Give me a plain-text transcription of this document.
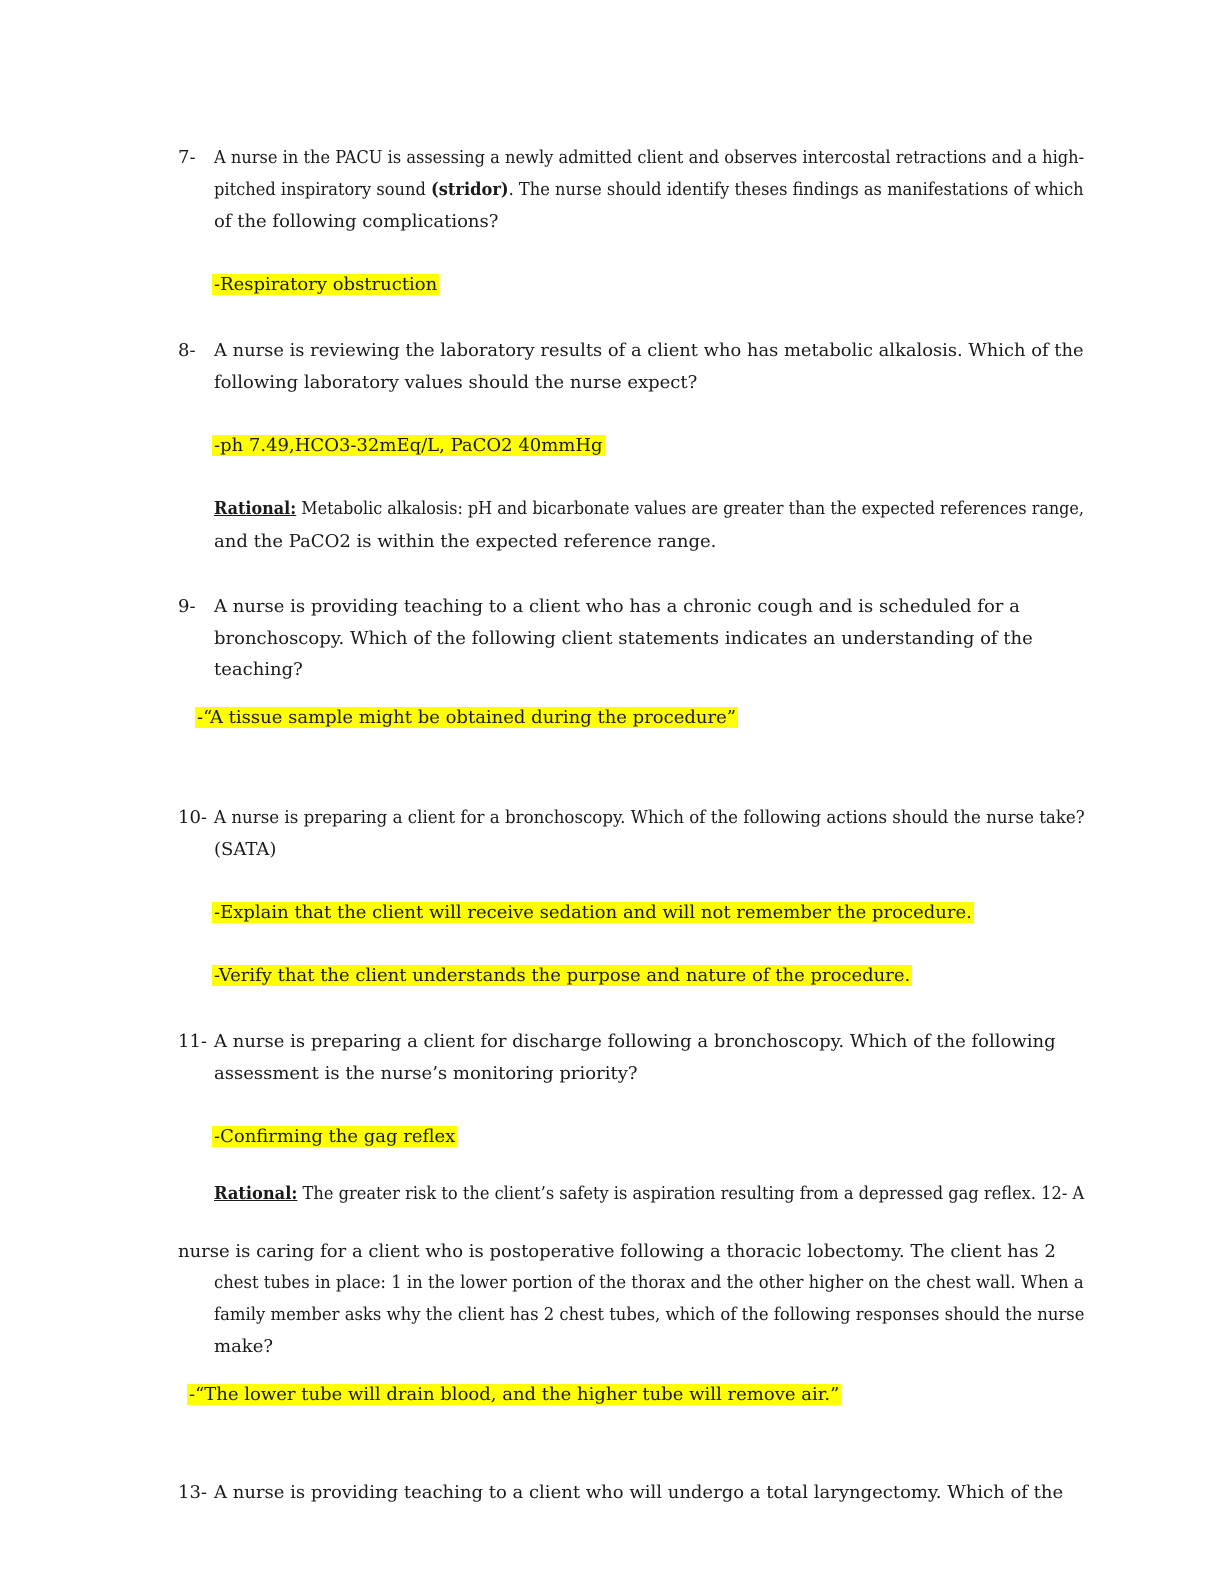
7- A nurse in the PACU is assessing a newly admitted client and observes intercostal retractions and a high-
pitched inspiratory sound (stridor). The nurse should identify theses findings as manifestations of which
of the following complications?
-Respiratory obstruction
8- A nurse is reviewing the laboratory results of a client who has metabolic alkalosis. Which of the
following laboratory values should the nurse expect?
-ph 7.49,HCO3-32mEq/L, PaCO2 40mmHg
Rational: Metabolic alkalosis: pH and bicarbonate values are greater than the expected references range,
and the PaCO2 is within the expected reference range.
9- A nurse is providing teaching to a client who has a chronic cough and is scheduled for a
bronchoscopy. Which of the following client statements indicates an understanding of the
teaching?
-“A tissue sample might be obtained during the procedure”
10- A nurse is preparing a client for a bronchoscopy. Which of the following actions should the nurse take?
(SATA)
-Explain that the client will receive sedation and will not remember the procedure.
-Verify that the client understands the purpose and nature of the procedure.
11- A nurse is preparing a client for discharge following a bronchoscopy. Which of the following
assessment is the nurse’s monitoring priority?
-Confirming the gag reflex
Rational: The greater risk to the client’s safety is aspiration resulting from a depressed gag reflex. 12- A
nurse is caring for a client who is postoperative following a thoracic lobectomy. The client has 2
chest tubes in place: 1 in the lower portion of the thorax and the other higher on the chest wall. When a
family member asks why the client has 2 chest tubes, which of the following responses should the nurse
make?
-“The lower tube will drain blood, and the higher tube will remove air.”
13- A nurse is providing teaching to a client who will undergo a total laryngectomy. Which of the
